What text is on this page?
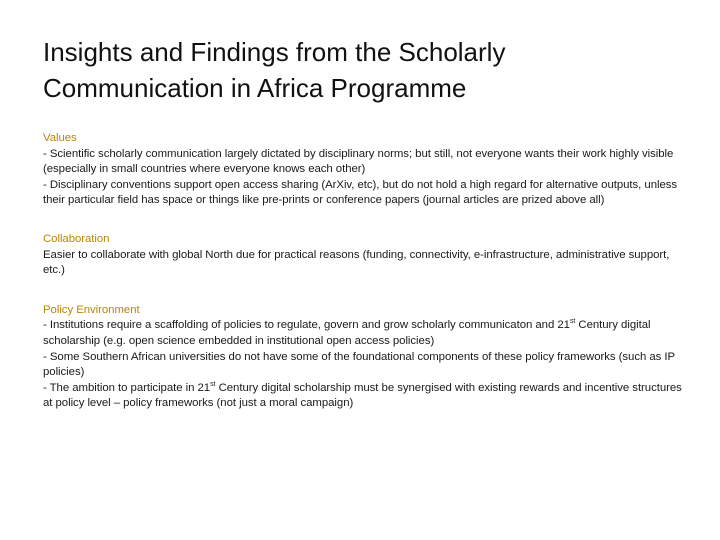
Insights and Findings from the Scholarly Communication in Africa Programme
Values
- Scientific scholarly communication largely dictated by disciplinary norms; but still, not everyone wants their work highly visible (especially in small countries where everyone knows each other)
- Disciplinary conventions support open access sharing (ArXiv, etc), but do not hold a high regard for alternative outputs, unless their particular field has space or things like pre-prints or conference papers (journal articles are prized above all)
Collaboration
Easier to collaborate with global North due for practical reasons (funding, connectivity, e-infrastructure, administrative support, etc.)
Policy Environment
- Institutions require a scaffolding of policies to regulate, govern and grow scholarly communicaton and 21st Century digital scholarship (e.g. open science embedded in institutional open access policies)
- Some Southern African universities do not have some of the foundational components of these policy frameworks (such as IP policies)
- The ambition to participate in 21st Century digital scholarship must be synergised with existing rewards and incentive structures at policy level – policy frameworks (not just a moral campaign)
